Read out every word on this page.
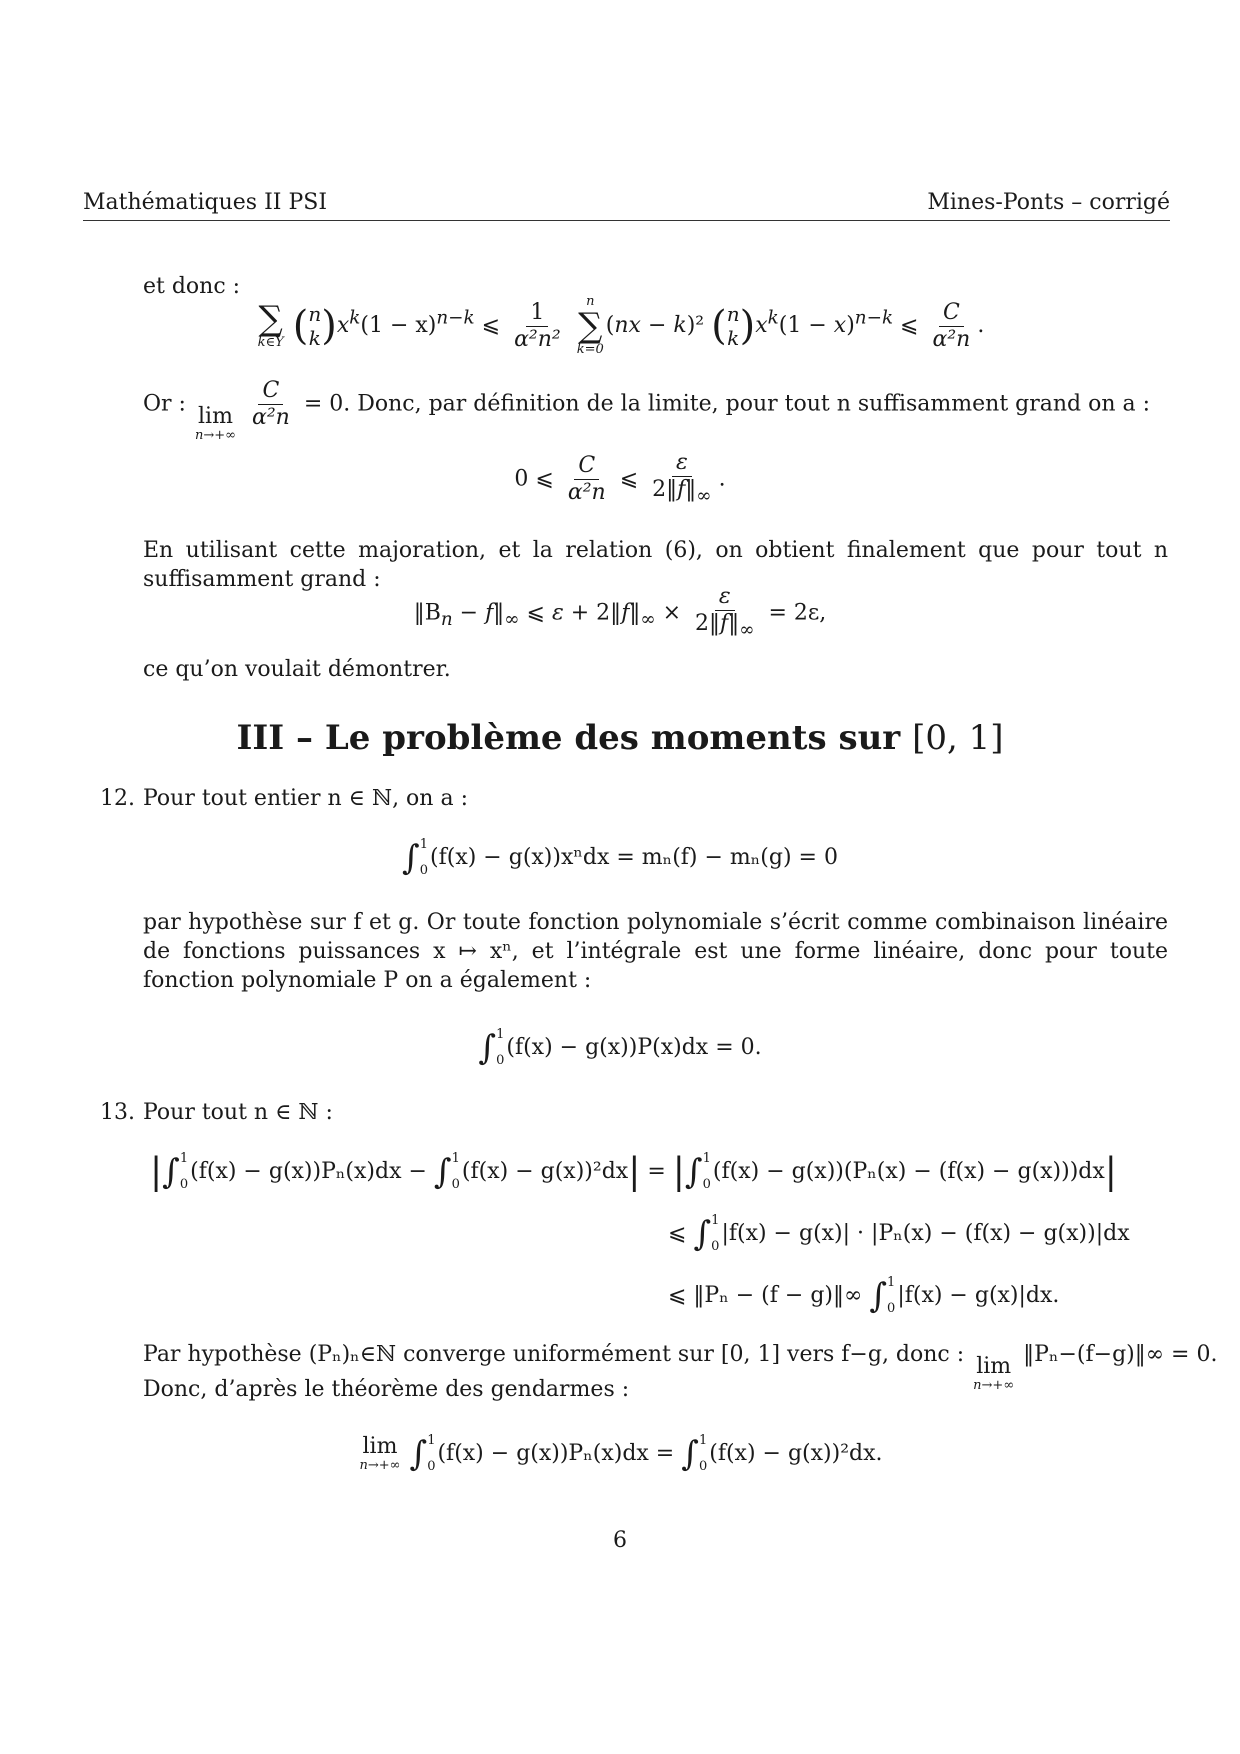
Mathématiques II PSI	Mines-Ponts – corrigé
et donc :
∑
k∈Y ( n
k )$x^k(1 - x)^{n-k}$ ⩽ $\frac{1}{\text{α²n²}}$
n
∑
k=0
(nx − k)² ( n
k )$x^k(1 - x)^{n-k}$ ⩽ $\frac{C}{\text{α²n}}$ .
Or : lim
n→+∞

$\frac{C}{\text{α²n}} = 0$. Donc, par définition de la limite, pour tout n suffisamment grand on a :
0 ⩽ $\frac{C}{\text{α²n}}$ ⩽ $\frac{\varepsilon}{2‖f‖_\infty}$ .
En utilisant cette majoration, et la relation (6), on obtient finalement que pour tout n suffisamment grand :
$‖B_n$ − $f‖_\infty$ ⩽ $\varepsilon + 2‖f‖_\infty \times \frac{\varepsilon}{2‖f‖_\infty} = 2\varepsilon$,
ce qu’on voulait démontrer.
III – Le problème des moments sur [0, 1]
12. Pour tout entier n ∈ ℕ, on a :
∫ 1
0
(f(x) − g(x))xⁿdx = mₙ(f) − mₙ(g) = 0
par hypothèse sur f et g. Or toute fonction polynomiale s’écrit comme combinaison linéaire de fonctions puissances x ↦ xⁿ, et l’intégrale est une forme linéaire, donc pour toute fonction polynomiale P on a également :
∫ 1
0
(f(x) − g(x))P(x)dx = 0.
13. Pour tout n ∈ ℕ :
|∫ 1
0
(f(x) − g(x))Pₙ(x)dx − ∫ 1
0
(f(x) − g(x))²dx| = |∫ 1
0
(f(x) − g(x))(Pₙ(x) − (f(x) − g(x)))dx|
⩽ ∫ 1
0
|f(x) − g(x)| · |Pₙ(x) − (f(x) − g(x))|dx
⩽ ‖Pₙ − (f − g)‖∞ ∫ 1
0
|f(x) − g(x)|dx.
Par hypothèse (Pₙ)ₙ∈ℕ converge uniformément sur [0, 1] vers f−g, donc : lim
n→+∞
‖Pₙ−(f−g)‖∞ = 0.
Donc, d’après le théorème des gendarmes :
lim
n→+∞ ∫ 1
0
(f(x) − g(x))Pₙ(x)dx = ∫ 1
0
(f(x) − g(x))²dx.
6
